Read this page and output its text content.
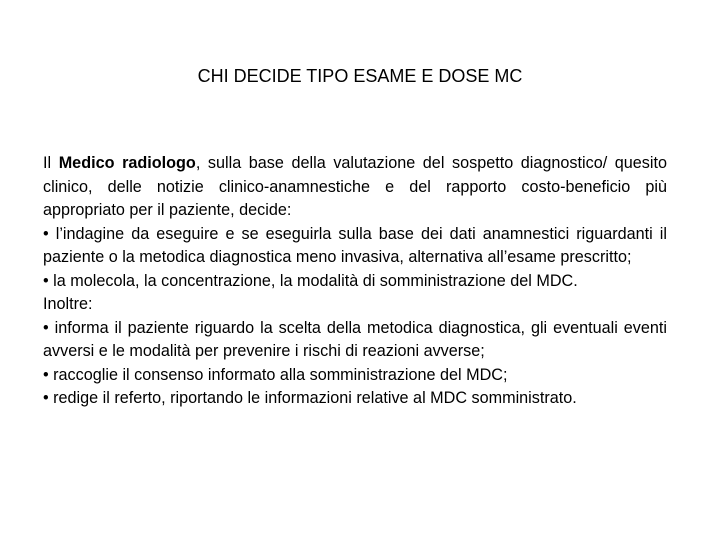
CHI DECIDE TIPO ESAME E DOSE MC

Il Medico radiologo, sulla base della valutazione del sospetto diagnostico/ quesito clinico, delle notizie clinico-anamnestiche e del rapporto costo-beneficio più appropriato per il paziente, decide:

• l’indagine da eseguire e se eseguirla sulla base dei dati anamnestici riguardanti il paziente o la metodica diagnostica meno invasiva, alternativa all’esame prescritto;

• la molecola, la concentrazione, la modalità di somministrazione del MDC.

Inoltre:

• informa il paziente riguardo la scelta della metodica diagnostica, gli eventuali eventi avversi e le modalità per prevenire i rischi di reazioni avverse;

• raccoglie il consenso informato alla somministrazione del MDC;

• redige il referto, riportando le informazioni relative al MDC somministrato.
